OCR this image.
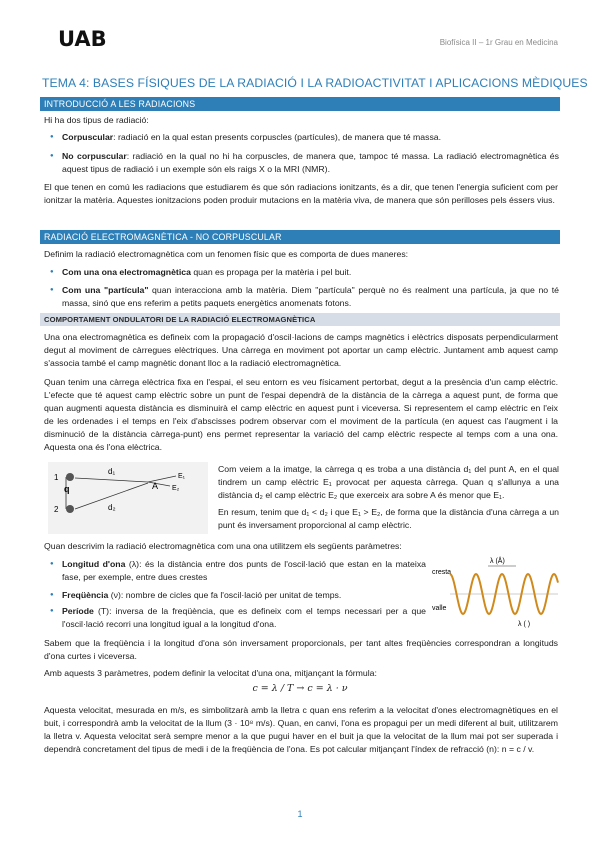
UAB	Biofísica II – 1r Grau en Medicina
TEMA 4: BASES FÍSIQUES DE LA RADIACIÓ I LA RADIOACTIVITAT I APLICACIONS MÈDIQUES
INTRODUCCIÓ A LES RADIACIONS
Hi ha dos tipus de radiació:
● Corpuscular: radiació en la qual estan presents corpuscles (partícules), de manera que té massa.
● No corpuscular: radiació en la qual no hi ha corpuscles, de manera que, tampoc té massa. La radiació electromagnètica és aquest tipus de radiació i un exemple són els raigs X o la MRI (NMR).
El que tenen en comú les radiacions que estudiarem és que són radiacions ionitzants, és a dir, que tenen l'energia suficient com per ionitzar la matèria. Aquestes ionitzacions poden produir mutacions en la matèria viva, de manera que són perilloses pels éssers vius.
RADIACIÓ ELECTROMAGNÈTICA - NO CORPUSCULAR
Definim la radiació electromagnètica com un fenomen físic que es comporta de dues maneres:
● Com una ona electromagnètica quan es propaga per la matèria i pel buit.
● Com una "partícula" quan interacciona amb la matèria. Diem "partícula" perquè no és realment una partícula, ja que no té massa, sinó que ens referim a petits paquets energètics anomenats fotons.
COMPORTAMENT ONDULATORI DE LA RADIACIÓ ELECTROMAGNÈTICA
Una ona electromagnètica es defineix com la propagació d'oscil·lacions de camps magnètics i elèctrics disposats perpendicularment degut al moviment de càrregues elèctriques. Una càrrega en moviment pot aportar un camp elèctric. Juntament amb aquest camp s'associa també el camp magnètic donant lloc a la radiació electromagnètica.
Quan tenim una càrrega elèctrica fixa en l'espai, el seu entorn es veu físicament pertorbat, degut a la presència d'un camp elèctric. L'efecte que té aquest camp elèctric sobre un punt de l'espai dependrà de la distància de la càrrega a aquest punt, de forma que quan augmenti aquesta distància es disminuirà el camp elèctric en aquest punt i viceversa. Si representem el camp elèctric en l'eix de les ordenades i el temps en l'eix d'abscisses podrem observar com el moviment de la partícula (en aquest cas l'augment i la disminució de la distància càrrega-punt) ens permet representar la variació del camp elèctric respecte al temps com a una ona. Aquesta ona és l'ona elèctrica.
1
2
q
d₁
d₂
A
E₁
E₂
Com veiem a la imatge, la càrrega q es troba a una distància d₁ del punt A, en el qual tindrem un camp elèctric E₁ provocat per aquesta càrrega. Quan q s'allunya a una distància d₂ el camp elèctric E₂ que exerceix ara sobre A és menor que E₁.
En resum, tenim que d₁ < d₂ i que E₁ > E₂, de forma que la distància d'una càrrega a un punt és inversament proporcional al camp elèctric.
Quan descrivim la radiació electromagnètica com una ona utilitzem els següents paràmetres:
● Longitud d'ona (λ): és la distància entre dos punts de l'oscil·lació que estan en la mateixa fase, per exemple, entre dues crestes
● Freqüència (ν): nombre de cicles que fa l'oscil·lació per unitat de temps.
● Període (T): inversa de la freqüència, que es defineix com el temps necessari per a que l'oscil·lació recorri una longitud igual a la longitud d'ona.
λ (Å)
cresta
valle
λ ( )
Sabem que la freqüència i la longitud d'ona són inversament proporcionals, per tant altes freqüències correspondran a longituds d'ona curtes i viceversa.
Amb aquests 3 paràmetres, podem definir la velocitat d'una ona, mitjançant la fórmula:
c = λ / T → c = λ · ν
Aquesta velocitat, mesurada en m/s, es simbolitzarà amb la lletra c quan ens referim a la velocitat d'ones electromagnètiques en el buit, i correspondrà amb la velocitat de la llum (3 · 10⁸ m/s). Quan, en canvi, l'ona es propagui per un medi diferent al buit, utilitzarem la lletra v. Aquesta velocitat serà sempre menor a la que pugui haver en el buit ja que la velocitat de la llum mai pot ser superada i dependrà concretament del tipus de medi i de la freqüència de l'ona. Es pot calcular mitjançant l'índex de refracció (n): n = c / v.
1
